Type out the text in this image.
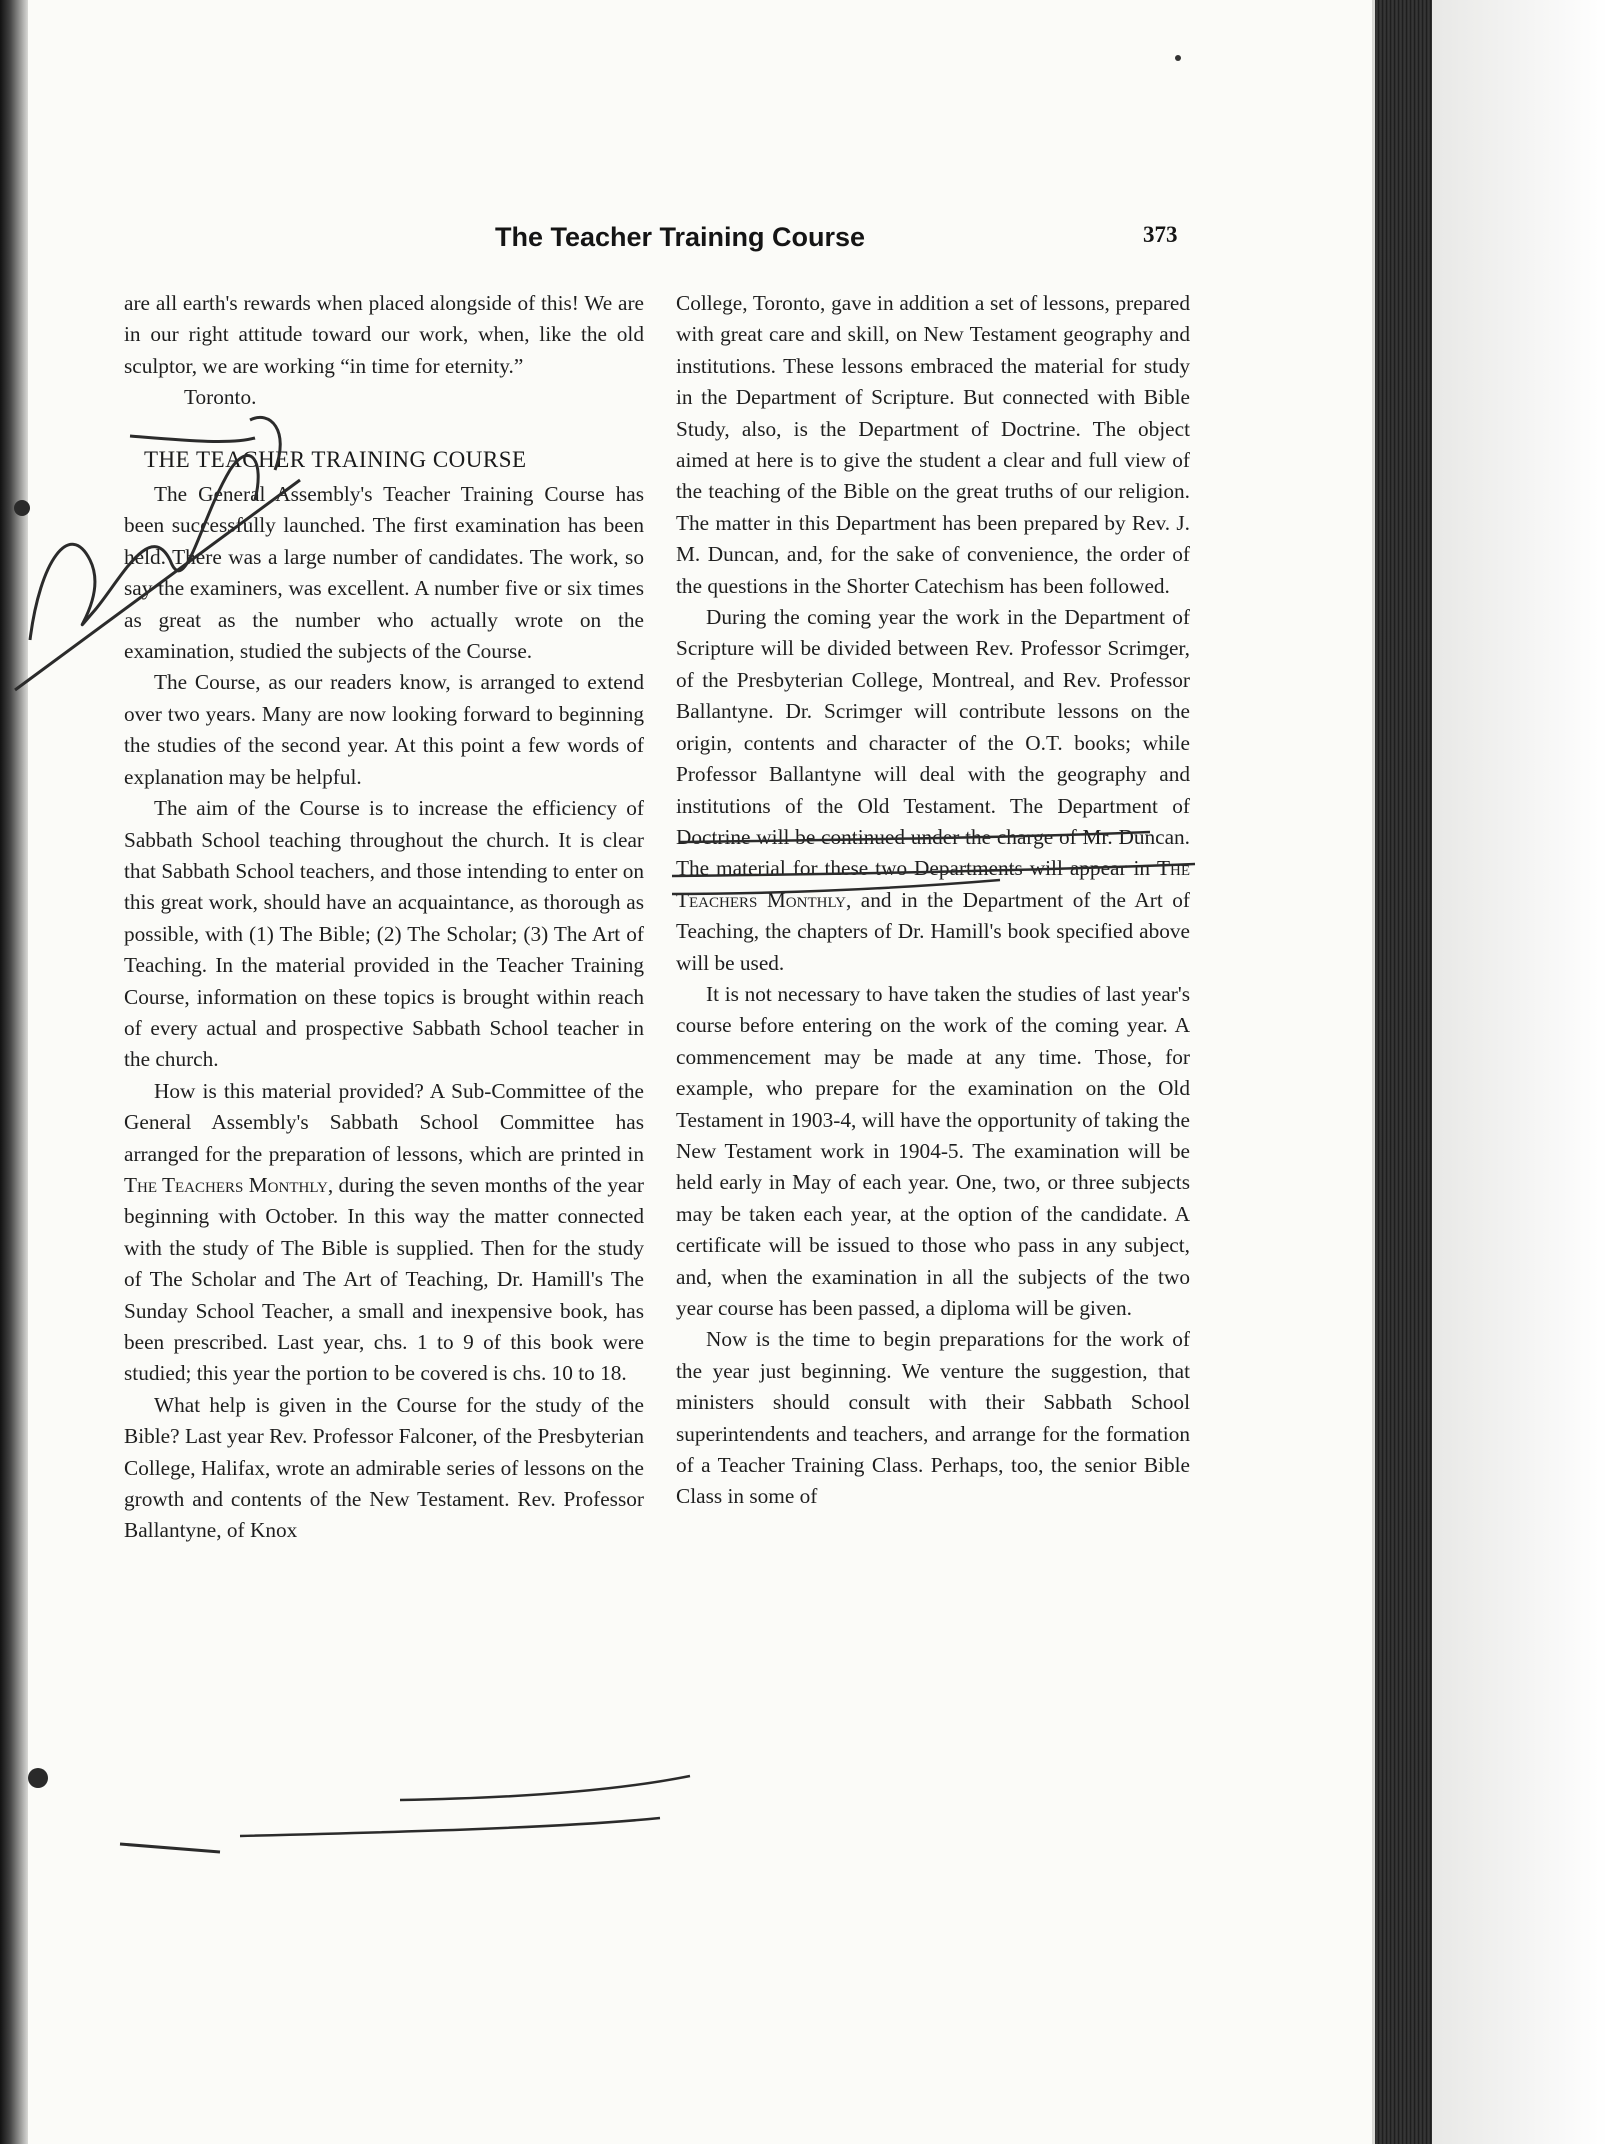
The Teacher Training Course	373

are all earth's rewards when placed alongside of this! We are in our right attitude toward our work, when, like the old sculptor, we are working “in time for eternity.”

Toronto.

THE TEACHER TRAINING COURSE

The General Assembly's Teacher Training Course has been successfully launched. The first examination has been held. There was a large number of candidates. The work, so say the examiners, was excellent. A number five or six times as great as the number who actually wrote on the examination, studied the subjects of the Course.

The Course, as our readers know, is arranged to extend over two years. Many are now looking forward to beginning the studies of the second year. At this point a few words of explanation may be helpful.

The aim of the Course is to increase the efficiency of Sabbath School teaching throughout the church. It is clear that Sabbath School teachers, and those intending to enter on this great work, should have an acquaintance, as thorough as possible, with (1) The Bible; (2) The Scholar; (3) The Art of Teaching. In the material provided in the Teacher Training Course, information on these topics is brought within reach of every actual and prospective Sabbath School teacher in the church.

How is this material provided? A Sub-Committee of the General Assembly's Sabbath School Committee has arranged for the preparation of lessons, which are printed in The Teachers Monthly, during the seven months of the year beginning with October. In this way the matter connected with the study of The Bible is supplied. Then for the study of The Scholar and The Art of Teaching, Dr. Hamill's The Sunday School Teacher, a small and inexpensive book, has been prescribed. Last year, chs. 1 to 9 of this book were studied; this year the portion to be covered is chs. 10 to 18.

What help is given in the Course for the study of the Bible? Last year Rev. Professor Falconer, of the Presbyterian College, Halifax, wrote an admirable series of lessons on the growth and contents of the New Testament. Rev. Professor Ballantyne, of Knox

College, Toronto, gave in addition a set of lessons, prepared with great care and skill, on New Testament geography and institutions. These lessons embraced the material for study in the Department of Scripture. But connected with Bible Study, also, is the Department of Doctrine. The object aimed at here is to give the student a clear and full view of the teaching of the Bible on the great truths of our religion. The matter in this Department has been prepared by Rev. J. M. Duncan, and, for the sake of convenience, the order of the questions in the Shorter Catechism has been followed.

During the coming year the work in the Department of Scripture will be divided between Rev. Professor Scrimger, of the Presbyterian College, Montreal, and Rev. Professor Ballantyne. Dr. Scrimger will contribute lessons on the origin, contents and character of the O.T. books; while Professor Ballantyne will deal with the geography and institutions of the Old Testament. The Department of Doctrine will be continued under the charge of Mr. Duncan. The material for these two Departments will appear in The Teachers Monthly, and in the Department of the Art of Teaching, the chapters of Dr. Hamill's book specified above will be used.

It is not necessary to have taken the studies of last year's course before entering on the work of the coming year. A commencement may be made at any time. Those, for example, who prepare for the examination on the Old Testament in 1903-4, will have the opportunity of taking the New Testament work in 1904-5. The examination will be held early in May of each year. One, two, or three subjects may be taken each year, at the option of the candidate. A certificate will be issued to those who pass in any subject, and, when the examination in all the subjects of the two year course has been passed, a diploma will be given.

Now is the time to begin preparations for the work of the year just beginning. We venture the suggestion, that ministers should consult with their Sabbath School superintendents and teachers, and arrange for the formation of a Teacher Training Class. Perhaps, too, the senior Bible Class in some of
